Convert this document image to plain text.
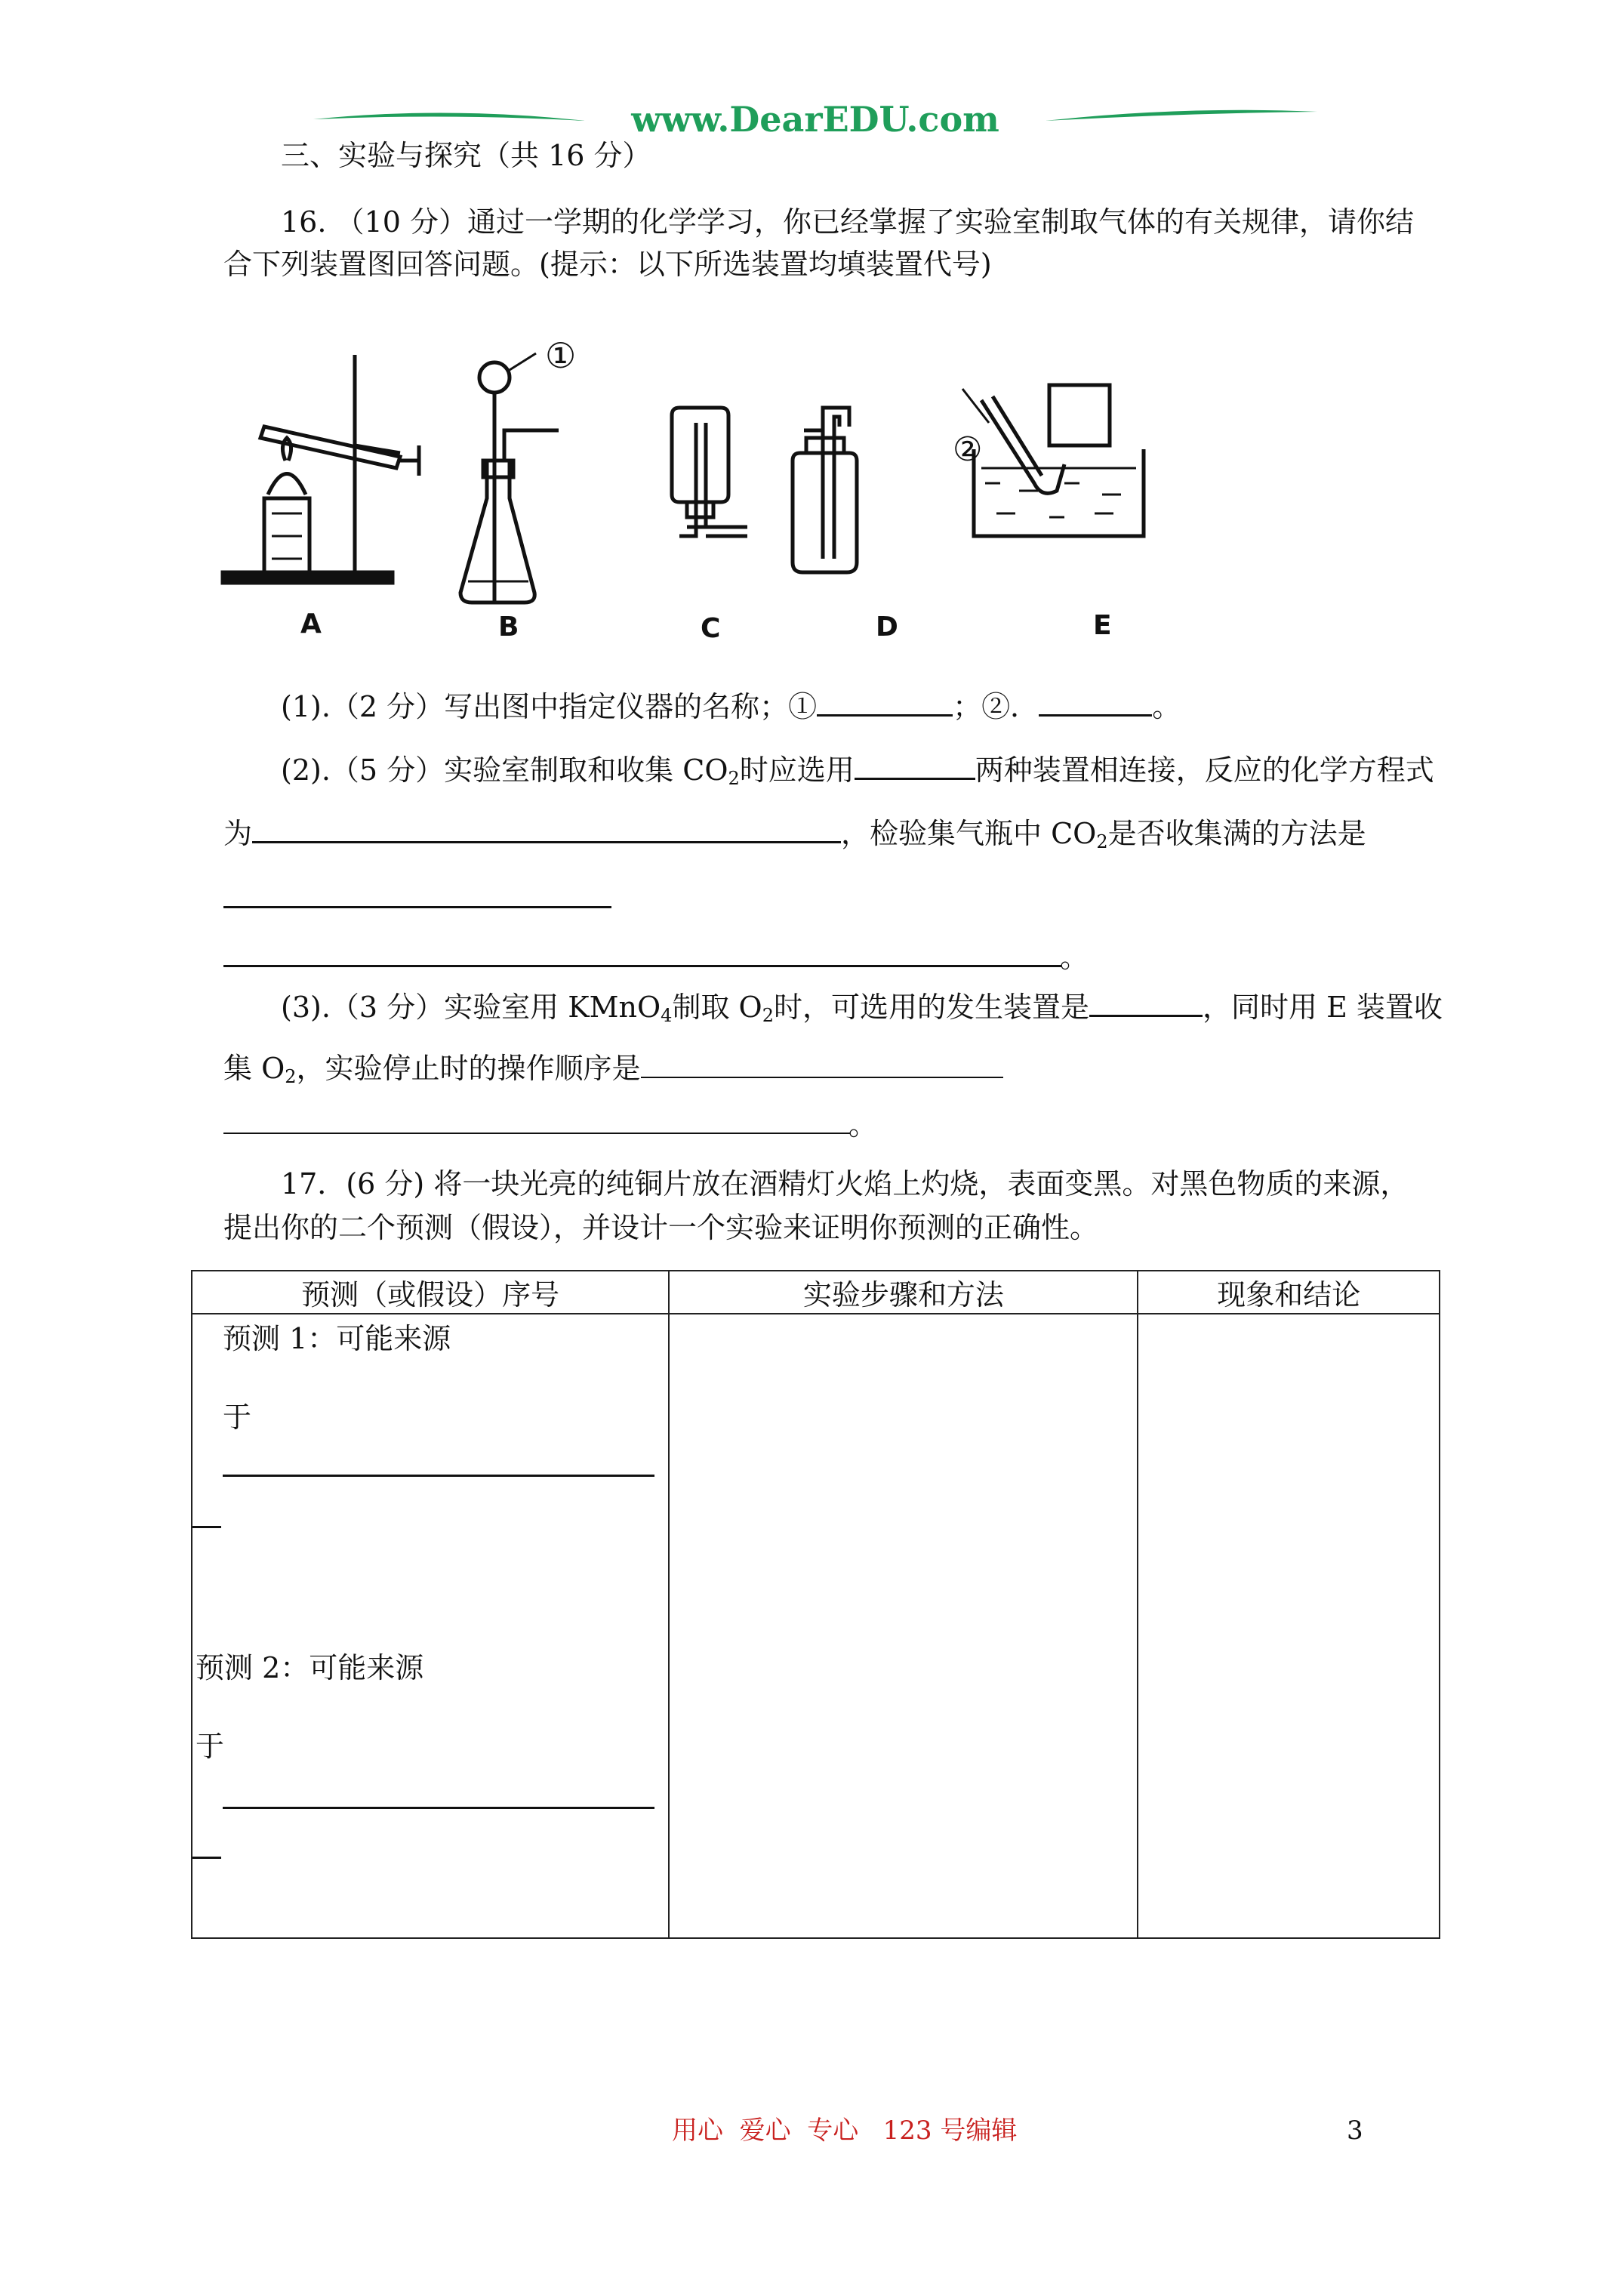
www.DearEDU.com
三、实验与探究（共 16 分）
16. （10 分）通过一学期的化学学习，你已经掌握了实验室制取气体的有关规律，请你结
合下列装置图回答问题。(提示：以下所选装置均填装置代号)
①
②
A	B	C	D	E
(1).（2 分）写出图中指定仪器的名称；①	；②．	。
(2).（5 分）实验室制取和收集 $CO_2$时应选用	两种装置相连接，反应的化学方程式
为	，检验集气瓶中 $CO_2$是否收集满的方法是
。
(3).（3 分）实验室用 KMnO$_4$制取 $O_2$时，可选用的发生装置是	，同时用 E 装置收
集 $O_2$，实验停止时的操作顺序是
。
17．(6 分) 将一块光亮的纯铜片放在酒精灯火焰上灼烧，表面变黑。对黑色物质的来源，
提出你的二个预测（假设），并设计一个实验来证明你预测的正确性。
预测（或假设）序号	实验步骤和方法	现象和结论

预测 1：可能来源
于
预测 2：可能来源
于		

用心  爱心  专心   123 号编辑	3
